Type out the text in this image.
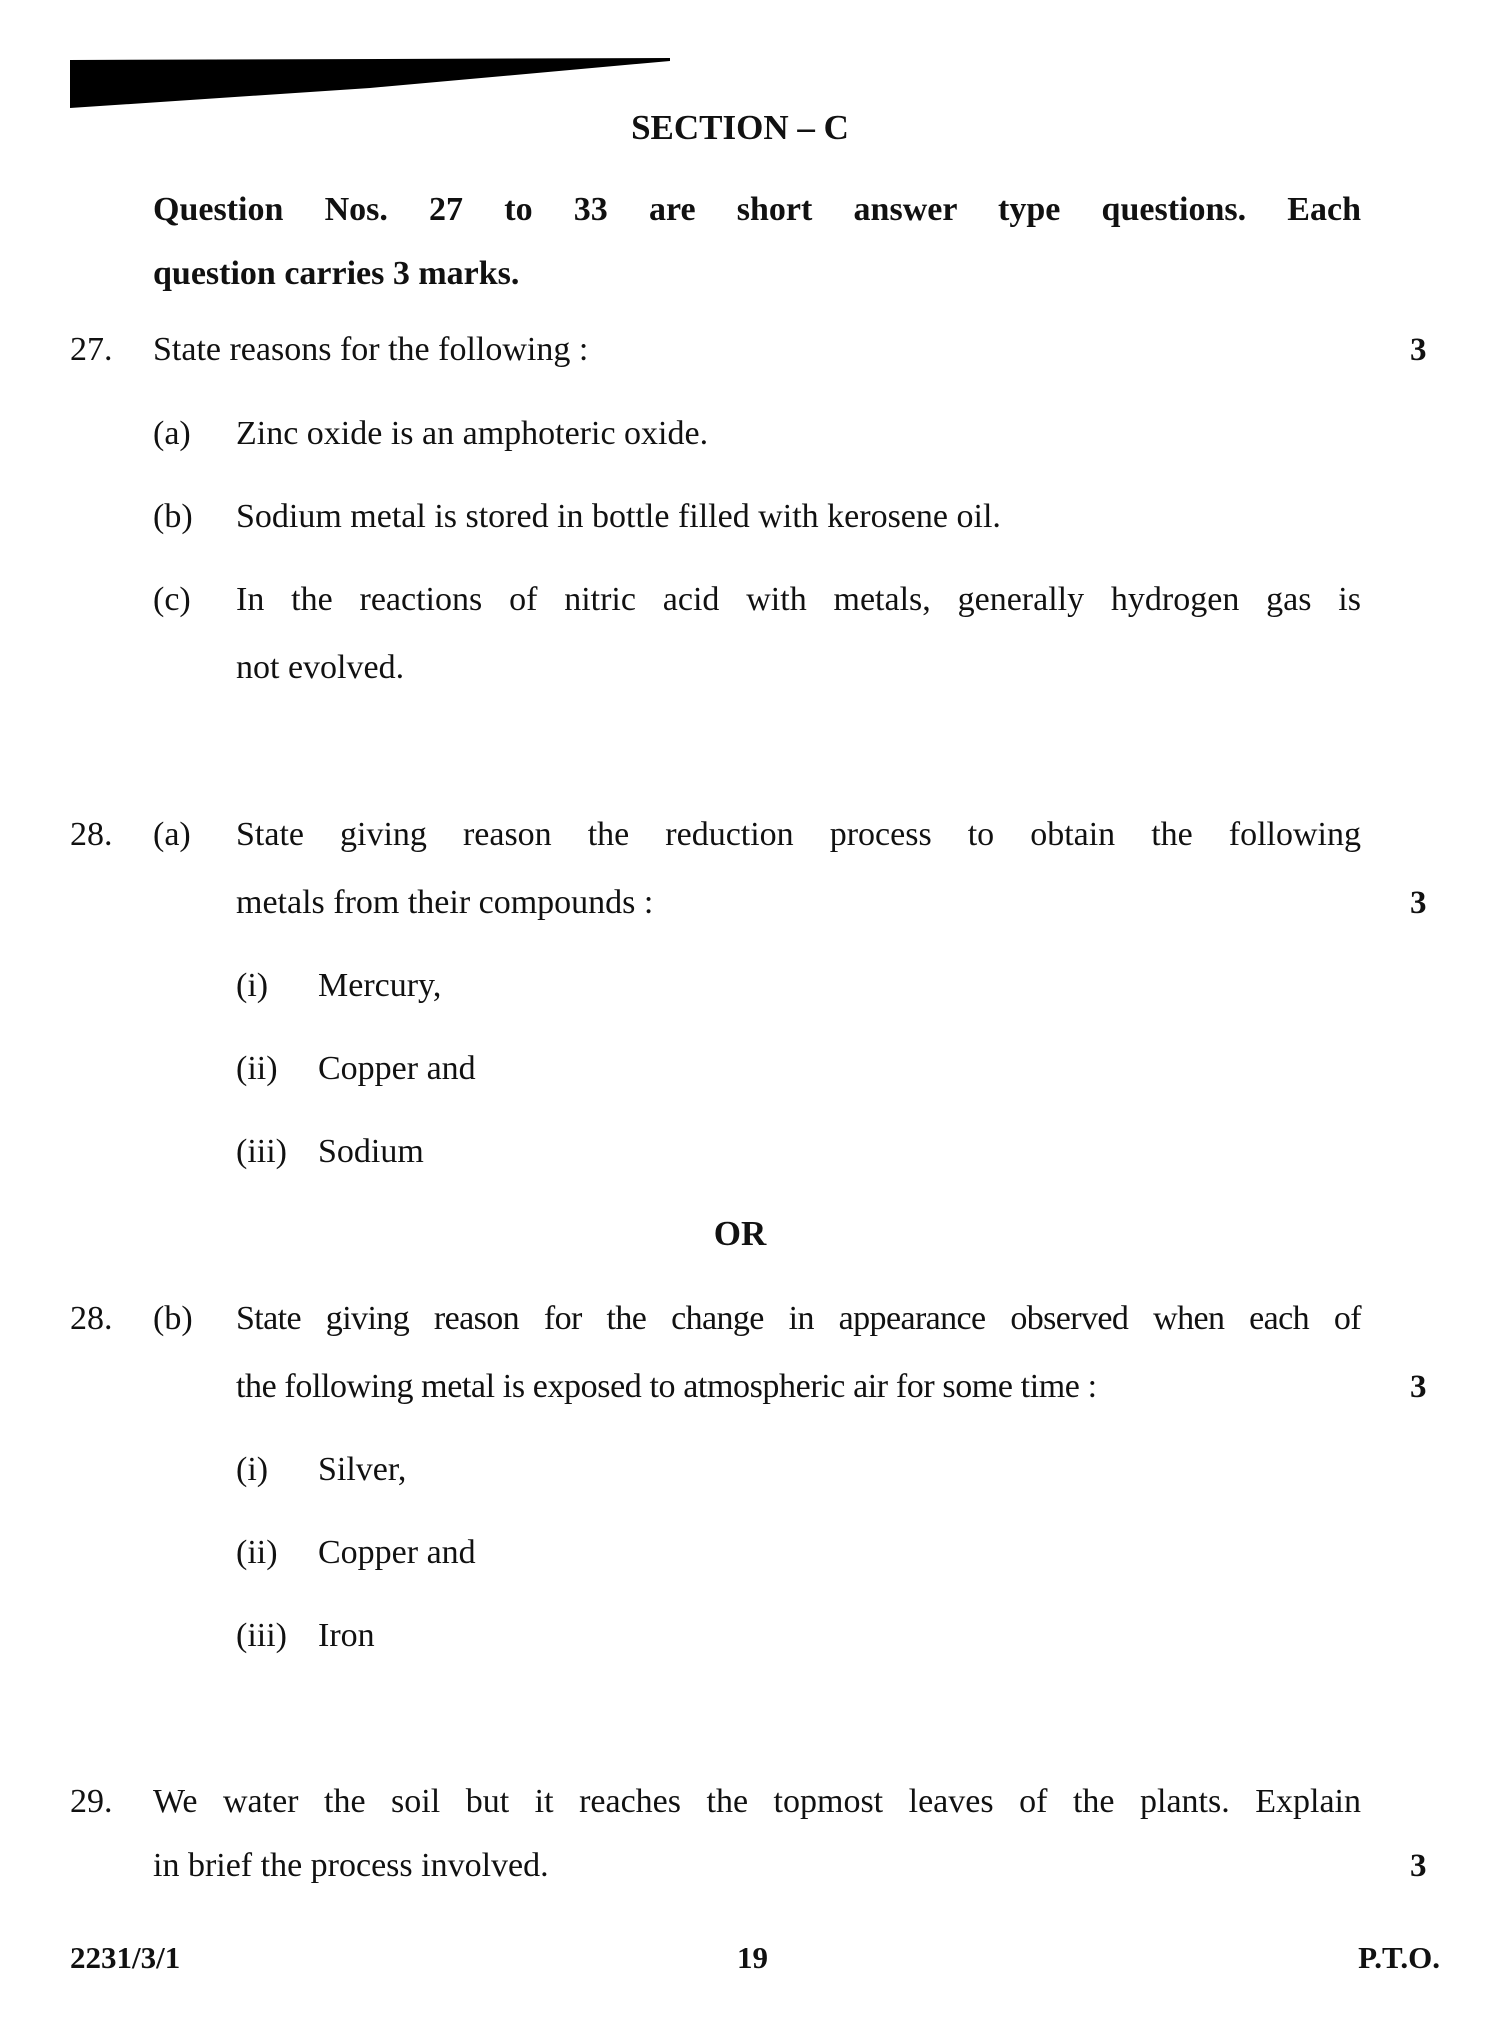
SECTION – C
Question Nos. 27 to 33 are short answer type questions. Each
question carries 3 marks.
27. State reasons for the following :	3
(a) Zinc oxide is an amphoteric oxide.
(b) Sodium metal is stored in bottle filled with kerosene oil.
(c) In the reactions of nitric acid with metals, generally hydrogen gas is
not evolved.
28. (a) State giving reason the reduction process to obtain the following
metals from their compounds :	3
(i) Mercury,
(ii) Copper and
(iii) Sodium
OR
28. (b) State giving reason for the change in appearance observed when each of
the following metal is exposed to atmospheric air for some time :	3
(i) Silver,
(ii) Copper and
(iii) Iron
29. We water the soil but it reaches the topmost leaves of the plants. Explain
in brief the process involved.	3
2231/3/1	19	P.T.O.
